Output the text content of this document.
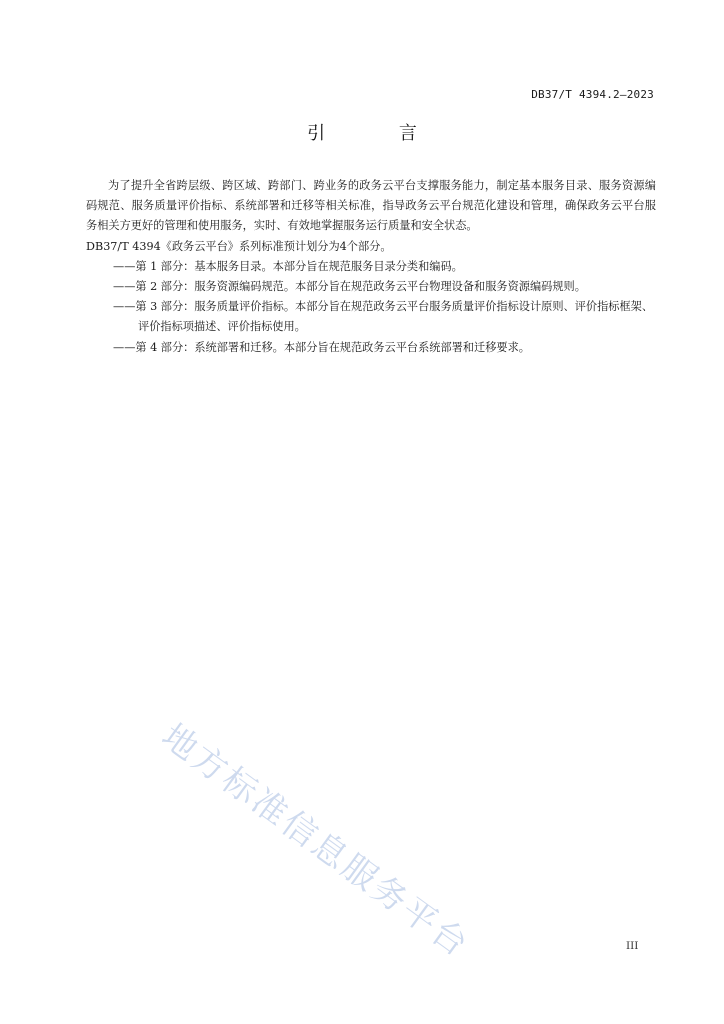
DB37/T 4394.2—2023
引 言

为了提升全省跨层级、跨区域、跨部门、跨业务的政务云平台支撑服务能力，制定基本服务目录、服务资源编码规范、服务质量评价指标、系统部署和迁移等相关标准，指导政务云平台规范化建设和管理，确保政务云平台服务相关方更好的管理和使用服务，实时、有效地掌握服务运行质量和安全状态。

DB37/T 4394《政务云平台》系列标准预计划分为4个部分。

——第 1 部分：基本服务目录。本部分旨在规范服务目录分类和编码。

——第 2 部分：服务资源编码规范。本部分旨在规范政务云平台物理设备和服务资源编码规则。

——第 3 部分：服务质量评价指标。本部分旨在规范政务云平台服务质量评价指标设计原则、评价指标框架、评价指标项描述、评价指标使用。

——第 4 部分：系统部署和迁移。本部分旨在规范政务云平台系统部署和迁移要求。

地方标准信息服务平台	III
